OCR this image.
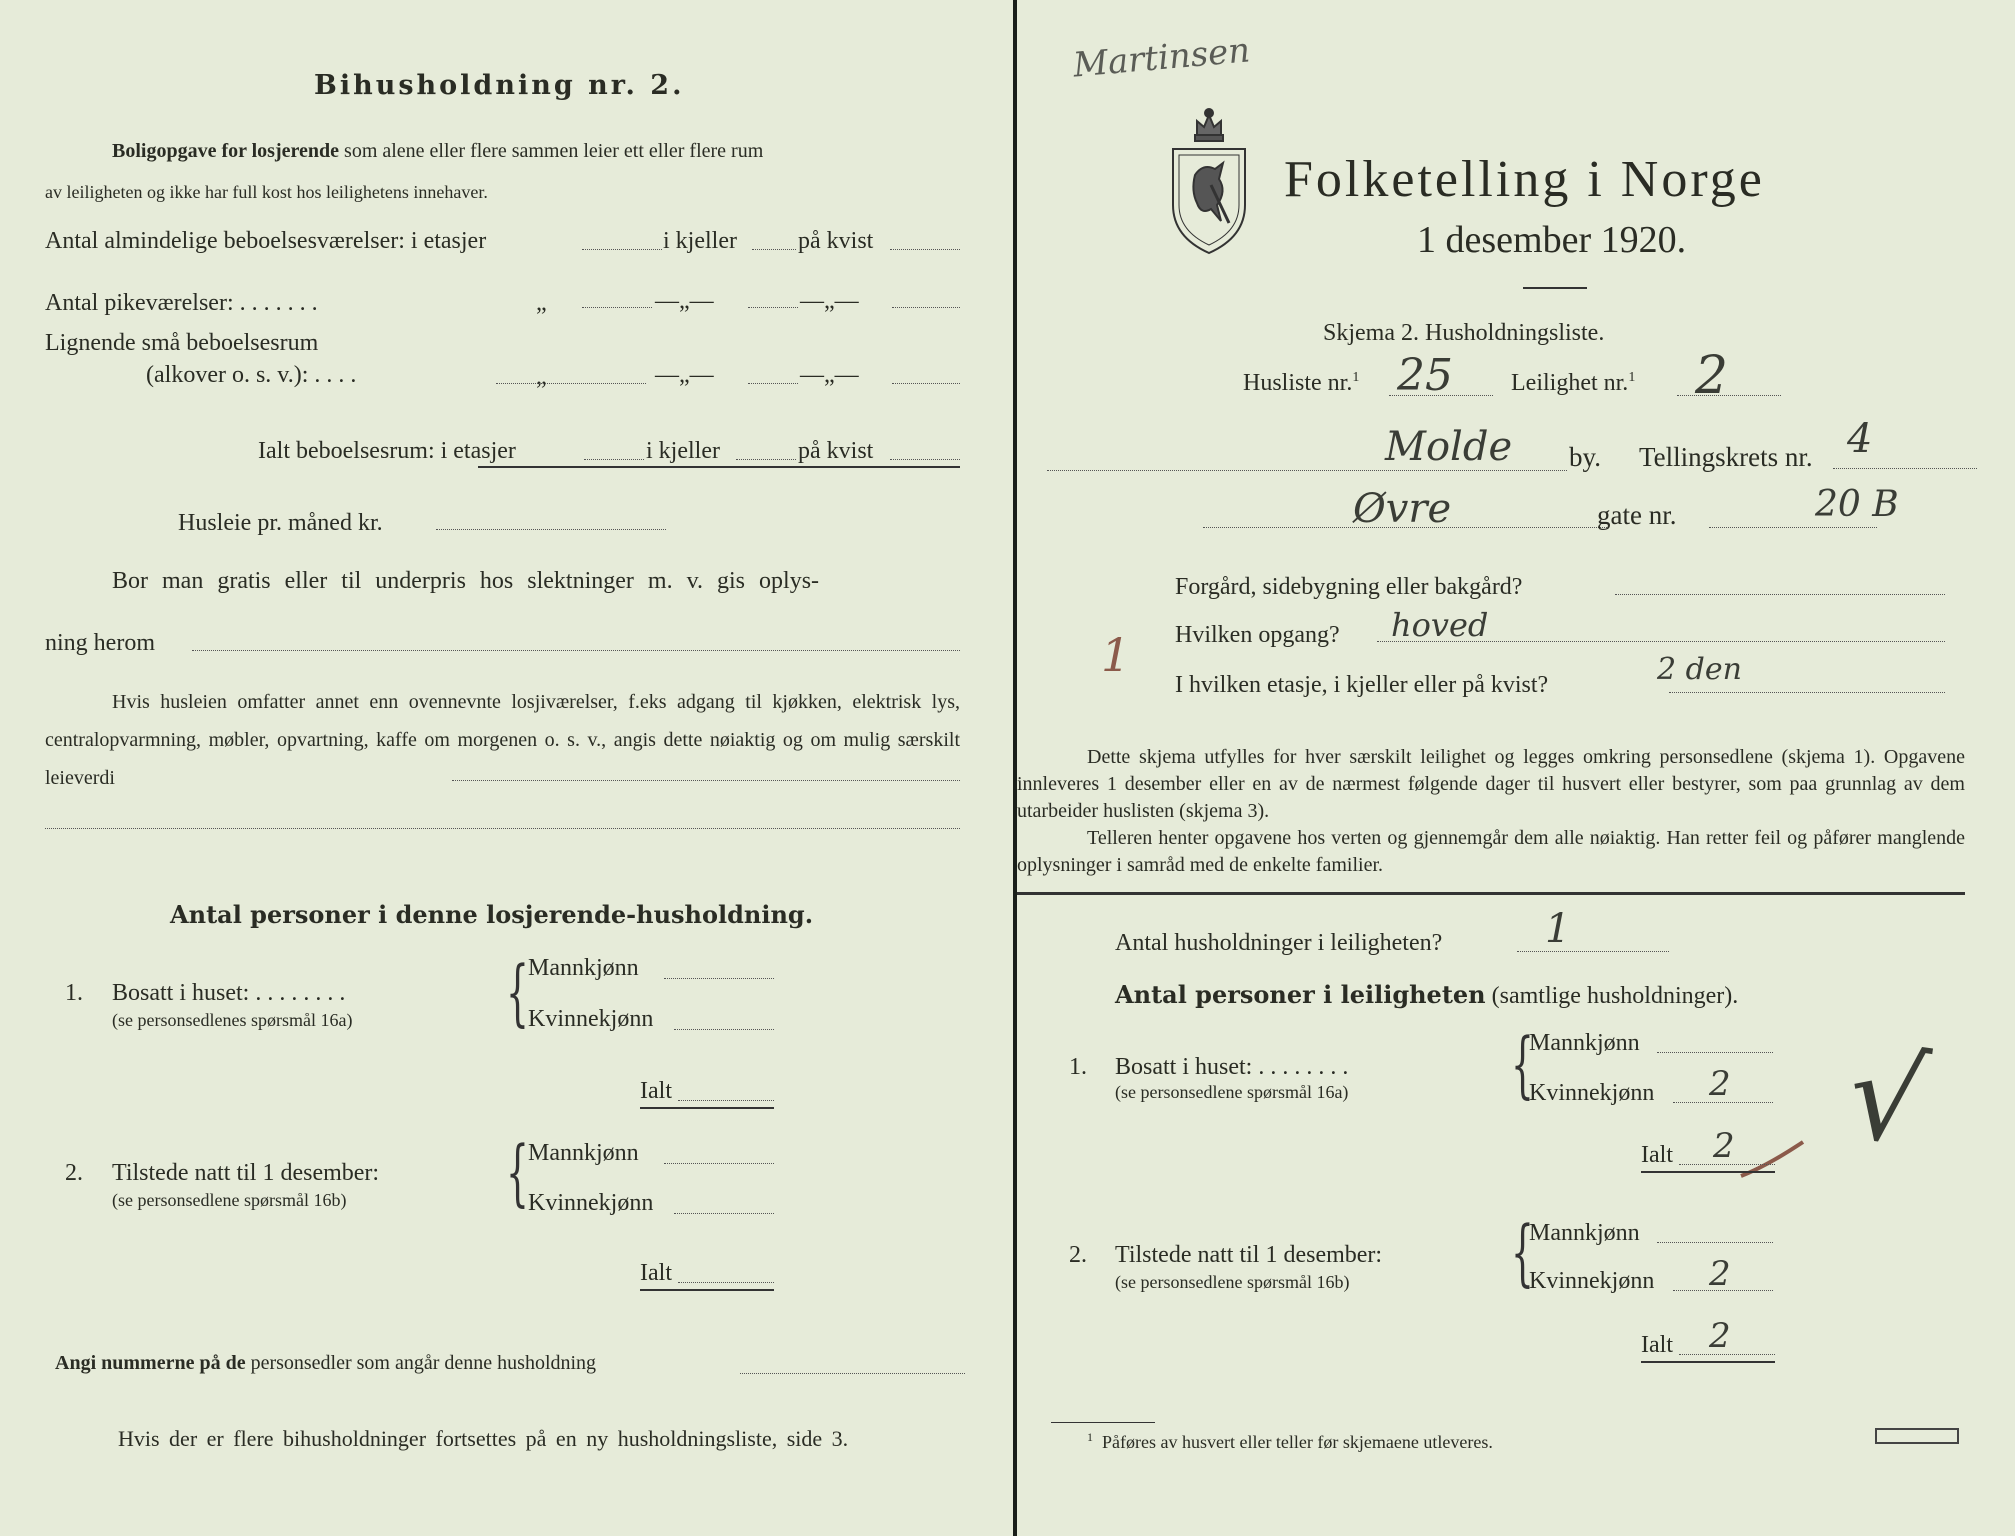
Bihusholdning nr. 2.
Boligopgave for losjerende som alene eller flere sammen leier ett eller flere rum
av leiligheten og ikke har full kost hos leilighetens innehaver.
Antal almindelige beboelsesværelser: i etasjer	i kjeller	på kvist
Antal pikeværelser: . . . . . . .	„	—„—	—„—
Lignende små beboelsesrum
(alkover o. s. v.): . . . .	„	—„—	—„—
Ialt beboelsesrum: i etasjer	i kjeller	på kvist
Husleie pr. måned kr.
Bor man gratis eller til underpris hos slektninger m. v. gis oplys-
ning herom
Hvis husleien omfatter annet enn ovennevnte losjiværelser, f.eks adgang til kjøkken, elektrisk lys, centralopvarmning, møbler, opvartning, kaffe om morgenen o. s. v., angis dette nøiaktig og om mulig særskilt leieverdi
Antal personer i denne losjerende-husholdning.
1. Bosatt i huset: . . . . . . . .
(se personsedlenes spørsmål 16a) { Mannkjønn
Kvinnekjønn
Ialt
2. Tilstede natt til 1 desember:
(se personsedlene spørsmål 16b) { Mannkjønn
Kvinnekjønn
Ialt
Angi nummerne på de personsedler som angår denne husholdning
Hvis der er flere bihusholdninger fortsettes på en ny husholdningsliste, side 3.
Martinsen
Folketelling i Norge
1 desember 1920.
Skjema 2. Husholdningsliste.
Husliste nr.$^1$ 25 Leilighet nr.$^1$ 2
Molde by. Tellingskrets nr. 4
Øvre	gate nr.	20 B
Forgård, sidebygning eller bakgård?
1 Hvilken opgang? hoved
I hvilken etasje, i kjeller eller på kvist?	2 den
Dette skjema utfylles for hver særskilt leilighet og legges omkring personsedlene (skjema 1). Opgavene innleveres 1 desember eller en av de nærmest følgende dager til husvert eller bestyrer, som paa grunnlag av dem utarbeider huslisten (skjema 3).
Telleren henter opgavene hos verten og gjennemgår dem alle nøiaktig. Han retter feil og påfører manglende oplysninger i samråd med de enkelte familier.
Antal husholdninger i leiligheten?	1
Antal personer i leiligheten (samtlige husholdninger).
1. Bosatt i huset: . . . . . . . .
(se personsedlene spørsmål 16a) {
Mannkjønn
Kvinnekjønn 2
Ialt 2 √
2. Tilstede natt til 1 desember:
(se personsedlene spørsmål 16b) {
Mannkjønn
Kvinnekjønn 2
Ialt 2
$^1$ Påføres av husvert eller teller før skjemaene utleveres.
